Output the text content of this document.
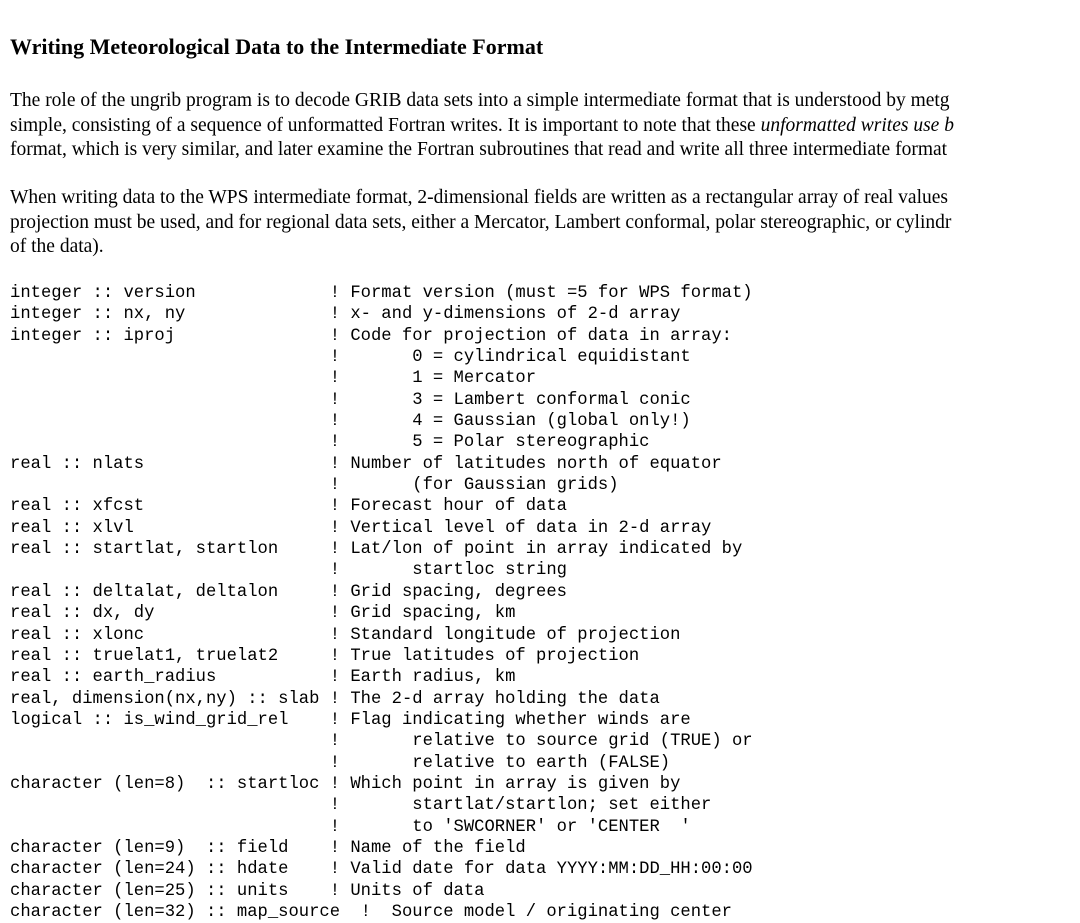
Writing Meteorological Data to the Intermediate Format

The role of the ungrib program is to decode GRIB data sets into a simple intermediate format that is understood by metg
simple, consisting of a sequence of unformatted Fortran writes. It is important to note that these unformatted writes use b
format, which is very similar, and later examine the Fortran subroutines that read and write all three intermediate format

When writing data to the WPS intermediate format, 2-dimensional fields are written as a rectangular array of real values
projection must be used, and for regional data sets, either a Mercator, Lambert conformal, polar stereographic, or cylindr
of the data).

integer :: version             ! Format version (must =5 for WPS format)
integer :: nx, ny              ! x- and y-dimensions of 2-d array
integer :: iproj               ! Code for projection of data in array:
!       0 = cylindrical equidistant
!       1 = Mercator
!       3 = Lambert conformal conic
!       4 = Gaussian (global only!)
!       5 = Polar stereographic
real :: nlats                  ! Number of latitudes north of equator
!       (for Gaussian grids)
real :: xfcst                  ! Forecast hour of data
real :: xlvl                   ! Vertical level of data in 2-d array
real :: startlat, startlon     ! Lat/lon of point in array indicated by
!       startloc string
real :: deltalat, deltalon     ! Grid spacing, degrees
real :: dx, dy                 ! Grid spacing, km
real :: xlonc                  ! Standard longitude of projection
real :: truelat1, truelat2     ! True latitudes of projection
real :: earth_radius           ! Earth radius, km
real, dimension(nx,ny) :: slab ! The 2-d array holding the data
logical :: is_wind_grid_rel    ! Flag indicating whether winds are
!       relative to source grid (TRUE) or
!       relative to earth (FALSE)
character (len=8)  :: startloc ! Which point in array is given by
!       startlat/startlon; set either
!       to 'SWCORNER' or 'CENTER  '
character (len=9)  :: field    ! Name of the field
character (len=24) :: hdate    ! Valid date for data YYYY:MM:DD_HH:00:00
character (len=25) :: units    ! Units of data
character (len=32) :: map_source  !  Source model / originating center
